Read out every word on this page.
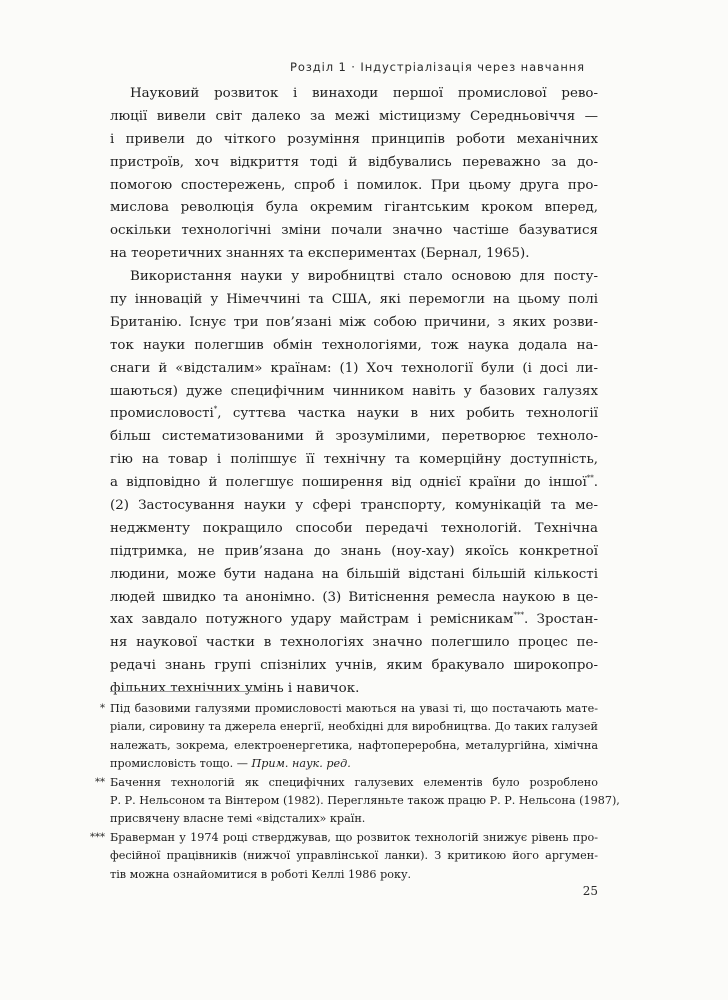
Розділ 1 · Індустріалізація через навчання
Науковий розвиток і винаходи першої промислової рево-
люції вивели світ далеко за межі містицизму Середньовіччя —
і привели до чіткого розуміння принципів роботи механічних
пристроїв, хоч відкриття тоді й відбувались переважно за до-
помогою спостережень, спроб і помилок. При цьому друга про-
мислова революція була окремим гігантським кроком вперед,
оскільки технологічні зміни почали значно частіше базуватися
на теоретичних знаннях та експериментах (Бернал, 1965).
Використання науки у виробництві стало основою для посту-
пу інновацій у Німеччині та США, які перемогли на цьому полі
Британію. Існує три пов’язані між собою причини, з яких розви-
ток науки полегшив обмін технологіями, тож наука додала на-
снаги й «відсталим» країнам: (1) Хоч технології були (і досі ли-
шаються) дуже специфічним чинником навіть у базових галузях
промисловості*, суттєва частка науки в них робить технології
більш систематизованими й зрозумілими, перетворює техноло-
гію на товар і поліпшує її технічну та комерційну доступність,
а відповідно й полегшує поширення від однієї країни до іншої**.
(2) Застосування науки у сфері транспорту, комунікацій та ме-
неджменту покращило способи передачі технологій. Технічна
підтримка, не прив’язана до знань (ноу-хау) якоїсь конкретної
людини, може бути надана на більшій відстані більшій кількості
людей швидко та анонімно. (3) Витіснення ремесла наукою в це-
хах завдало потужного удару майстрам і ремісникам***. Зростан-
ня наукової частки в технологіях значно полегшило процес пе-
редачі знань групі спізнілих учнів, яким бракувало широкопро-
фільних технічних умінь і навичок.
* Під базовими галузями промисловості маються на увазі ті, що постачають мате-
ріали, сировину та джерела енергії, необхідні для виробництва. До таких галузей
належать, зокрема, електроенергетика, нафтопереробна, металургійна, хімічна
промисловість тощо. — Прим. наук. ред.
** Бачення технологій як специфічних галузевих елементів було розроблено
Р. Р. Нельсоном та Вінтером (1982). Перегляньте також працю Р. Р. Нельсона (1987),
присвячену власне темі «відсталих» країн.
*** Браверман у 1974 році стверджував, що розвиток технологій знижує рівень про-
фесійної працівників (нижчої управлінської ланки). З критикою його аргумен-
тів можна ознайомитися в роботі Келлі 1986 року.
25
